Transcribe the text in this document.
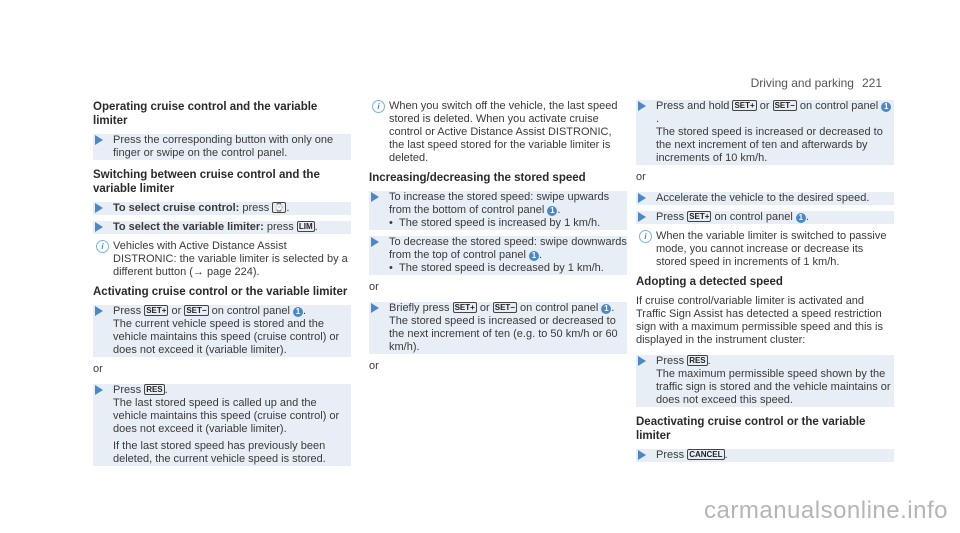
Driving and parking 221
Operating cruise control and the variable limiter

Press the corresponding button with only one finger or swipe on the control panel.

Switching between cruise control and the variable limiter
To select cruise control: press ⌚ .
To select the variable limiter: press LIM .
i Vehicles with Active Distance Assist DISTRONIC: the variable limiter is selected by a different button (→ page 224).

Activating cruise control or the variable limiter
Press SET+ or SET− on control panel 1 .

The current vehicle speed is stored and the vehicle maintains this speed (cruise control) or does not exceed it (variable limiter).

or

Press RES .

The last stored speed is called up and the vehicle maintains this speed (cruise control) or does not exceed it (variable limiter).

If the last stored speed has previously been deleted, the current vehicle speed is stored.

i When you switch off the vehicle, the last speed stored is deleted. When you activate cruise control or Active Distance Assist DISTRONIC, the last speed stored for the variable limiter is deleted.

Increasing/decreasing the stored speed
To increase the stored speed: swipe upwards from the bottom of control panel 1 .
• The stored speed is increased by 1 km/h.
To decrease the stored speed: swipe downwards from the top of control panel 1 .
• The stored speed is decreased by 1 km/h.

or

Briefly press SET+ or SET− on control panel 1 .

The stored speed is increased or decreased to the next increment of ten (e.g. to 50 km/h or 60 km/h).

or

Press and hold SET+ or SET− on control panel 1.

The stored speed is increased or decreased to the next increment of ten and afterwards by increments of 10 km/h.

or

Accelerate the vehicle to the desired speed.

Press SET+ on control panel 1 .
i When the variable limiter is switched to passive mode, you cannot increase or decrease its stored speed in increments of 1 km/h.

Adopting a detected speed

If cruise control/variable limiter is activated and Traffic Sign Assist has detected a speed restriction sign with a maximum permissible speed and this is displayed in the instrument cluster:

Press RES .

The maximum permissible speed shown by the traffic sign is stored and the vehicle maintains or does not exceed this speed.

Deactivating cruise control or the variable limiter
Press CANCEL .
carmanualsonline.info
